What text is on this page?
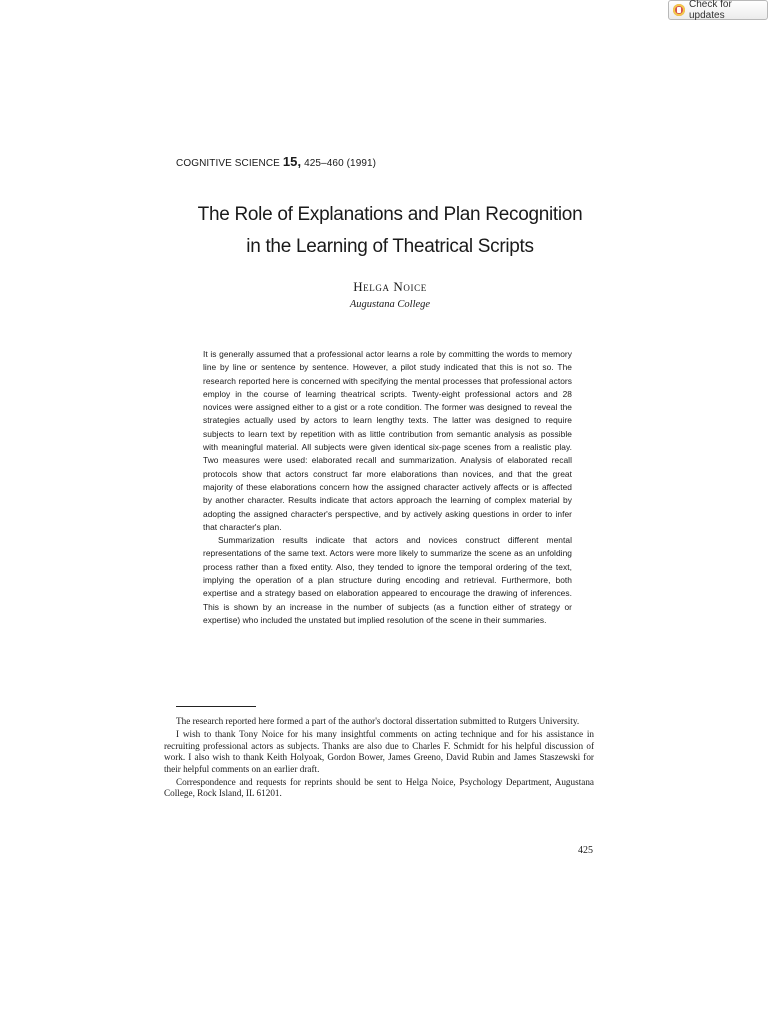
Check for updates
COGNITIVE SCIENCE 15, 425–460 (1991)
The Role of Explanations and Plan Recognition
in the Learning of Theatrical Scripts
Helga Noice
Augustana College

It is generally assumed that a professional actor learns a role by committing the words to memory line by line or sentence by sentence. However, a pilot study indicated that this is not so. The research reported here is concerned with specifying the mental processes that professional actors employ in the course of learning theatrical scripts. Twenty-eight professional actors and 28 novices were assigned either to a gist or a rote condition. The former was designed to reveal the strategies actually used by actors to learn lengthy texts. The latter was designed to require subjects to learn text by repetition with as little contribution from semantic analysis as possible with meaningful material. All subjects were given identical six-page scenes from a realistic play. Two measures were used: elaborated recall and summarization. Analysis of elaborated recall protocols show that actors construct far more elaborations than novices, and that the great majority of these elaborations concern how the assigned character actively affects or is affected by another character. Results indicate that actors approach the learning of complex material by adopting the assigned character's perspective, and by actively asking questions in order to infer that character's plan.

Summarization results indicate that actors and novices construct different mental representations of the same text. Actors were more likely to summarize the scene as an unfolding process rather than a fixed entity. Also, they tended to ignore the temporal ordering of the text, implying the operation of a plan structure during encoding and retrieval. Furthermore, both expertise and a strategy based on elaboration appeared to encourage the drawing of inferences. This is shown by an increase in the number of subjects (as a function either of strategy or expertise) who included the unstated but implied resolution of the scene in their summaries.

The research reported here formed a part of the author's doctoral dissertation submitted to Rutgers University.

I wish to thank Tony Noice for his many insightful comments on acting technique and for his assistance in recruiting professional actors as subjects. Thanks are also due to Charles F. Schmidt for his helpful discussion of work. I also wish to thank Keith Holyoak, Gordon Bower, James Greeno, David Rubin and James Staszewski for their helpful comments on an earlier draft.

Correspondence and requests for reprints should be sent to Helga Noice, Psychology Department, Augustana College, Rock Island, IL 61201.

425
